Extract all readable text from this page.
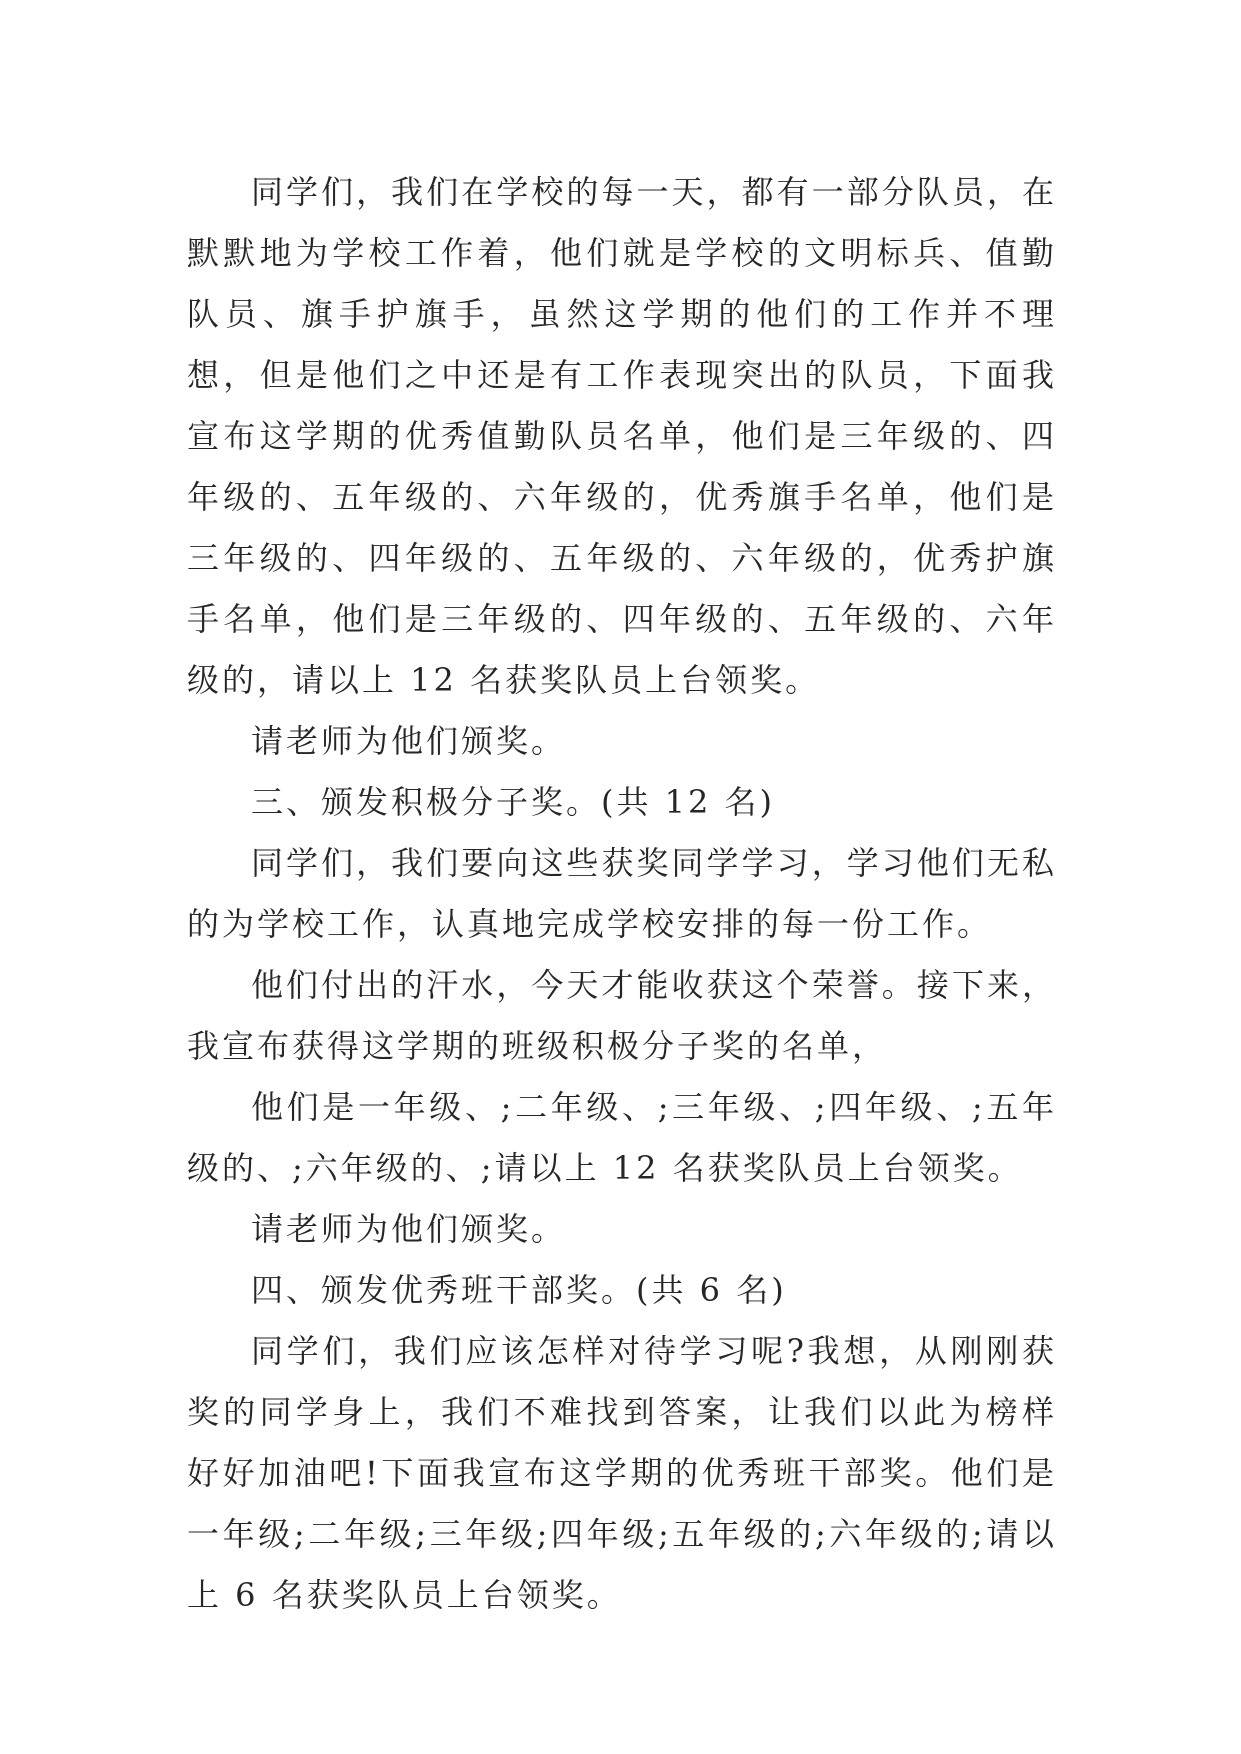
同学们，我们在学校的每一天，都有一部分队员，在默默地为学校工作着，他们就是学校的文明标兵、值勤队员、旗手护旗手，虽然这学期的他们的工作并不理想，但是他们之中还是有工作表现突出的队员，下面我宣布这学期的优秀值勤队员名单，他们是三年级的、四年级的、五年级的、六年级的，优秀旗手名单，他们是三年级的、四年级的、五年级的、六年级的，优秀护旗手名单，他们是三年级的、四年级的、五年级的、六年级的，请以上 12 名获奖队员上台领奖。

请老师为他们颁奖。

三、颁发积极分子奖。(共 12 名)

同学们，我们要向这些获奖同学学习，学习他们无私的为学校工作，认真地完成学校安排的每一份工作。

他们付出的汗水，今天才能收获这个荣誉。接下来，我宣布获得这学期的班级积极分子奖的名单，

他们是一年级、;二年级、;三年级、;四年级、;五年级的、;六年级的、;请以上 12 名获奖队员上台领奖。

请老师为他们颁奖。

四、颁发优秀班干部奖。(共 6 名)

同学们，我们应该怎样对待学习呢?我想，从刚刚获奖的同学身上，我们不难找到答案，让我们以此为榜样好好加油吧!下面我宣布这学期的优秀班干部奖。他们是一年级;二年级;三年级;四年级;五年级的;六年级的;请以上 6 名获奖队员上台领奖。
